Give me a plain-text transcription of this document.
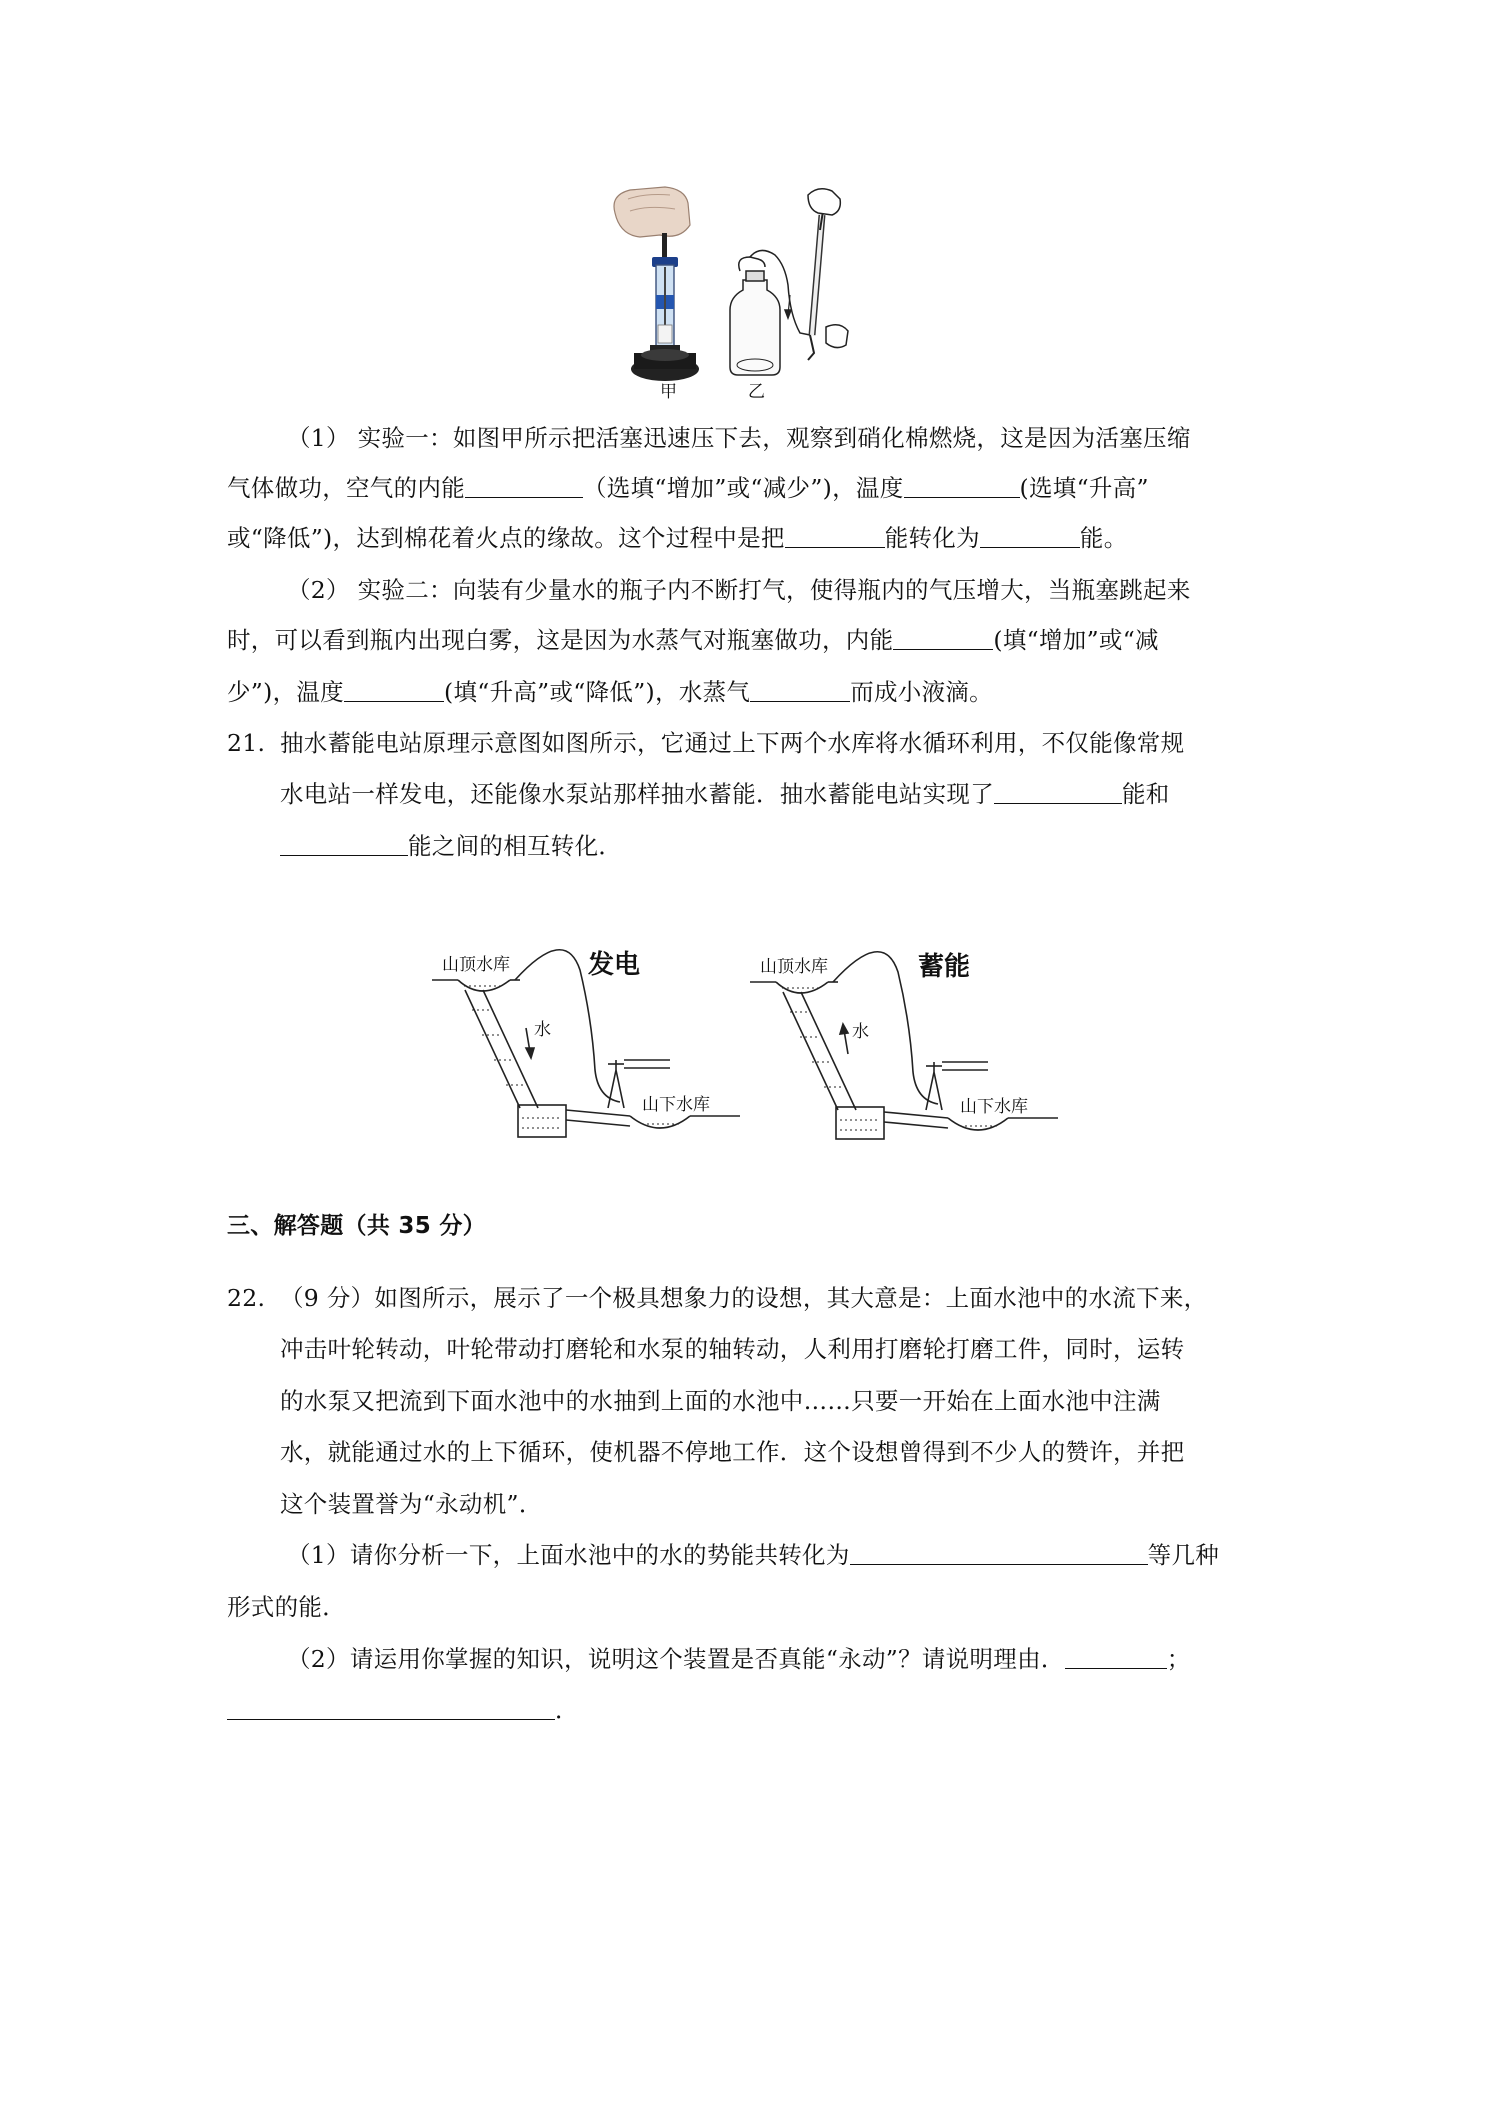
甲	乙
（1） 实验一：如图甲所示把活塞迅速压下去，观察到硝化棉燃烧，这是因为活塞压缩
气体做功，空气的内能	（选填“增加”或“减少”)，温度	(选填“升高”
或“降低”)，达到棉花着火点的缘故。这个过程中是把	能转化为	能。
（2） 实验二：向装有少量水的瓶子内不断打气，使得瓶内的气压增大，当瓶塞跳起来
时，可以看到瓶内出现白雾，这是因为水蒸气对瓶塞做功，内能	(填“增加”或“减
少”)，温度	(填“升高”或“降低”)，水蒸气	而成小液滴。
21. 抽水蓄能电站原理示意图如图所示，它通过上下两个水库将水循环利用，不仅能像常规
水电站一样发电，还能像水泵站那样抽水蓄能．抽水蓄能电站实现了	能和
能之间的相互转化．
山顶水库	发电
水
山下水库
山顶水库	蓄能
水
山下水库
三、解答题（共 35 分）
22. （9 分）如图所示，展示了一个极具想象力的设想，其大意是：上面水池中的水流下来，
冲击叶轮转动，叶轮带动打磨轮和水泵的轴转动，人利用打磨轮打磨工件，同时，运转
的水泵又把流到下面水池中的水抽到上面的水池中……只要一开始在上面水池中注满
水，就能通过水的上下循环，使机器不停地工作．这个设想曾得到不少人的赞许，并把
这个装置誉为“永动机”．
（1）请你分析一下，上面水池中的水的势能共转化为	等几种
形式的能．
（2）请运用你掌握的知识，说明这个装置是否真能“永动”？请说明理由．	；
．
